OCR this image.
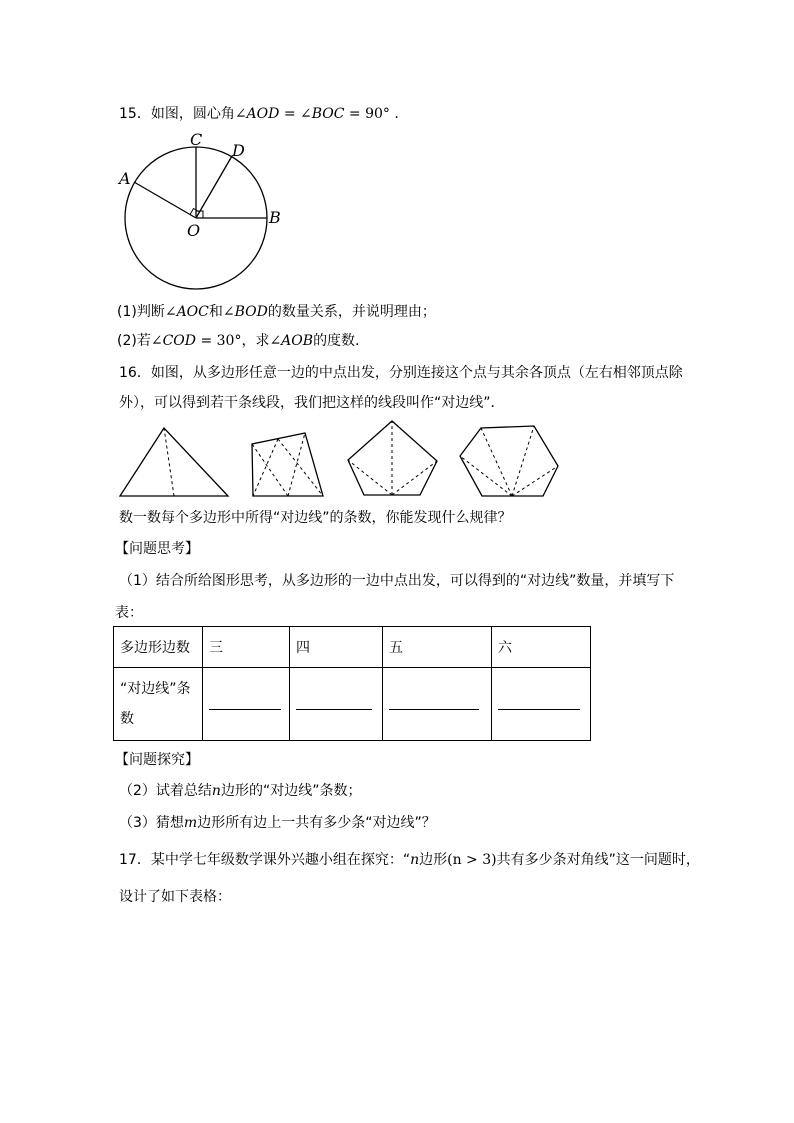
15．如图，圆心角∠AOD = ∠BOC = 90° .
C
D
A
B
O
(1)判断∠AOC和∠BOD的数量关系，并说明理由；
(2)若∠COD = 30°，求∠AOB的度数.
16．如图，从多边形任意一边的中点出发，分别连接这个点与其余各顶点（左右相邻顶点除
外），可以得到若干条线段，我们把这样的线段叫作“对边线”．
数一数每个多边形中所得“对边线”的条数，你能发现什么规律？
【问题思考】
（1）结合所给图形思考，从多边形的一边中点出发，可以得到的“对边线”数量，并填写下
表：
多边形边数	三	四	五	六
“对边线”条
数				
【问题探究】
（2）试着总结n边形的“对边线”条数；
（3）猜想m边形所有边上一共有多少条“对边线”？
17．某中学七年级数学课外兴趣小组在探究：“n边形(n > 3)共有多少条对角线”这一问题时，
设计了如下表格：
